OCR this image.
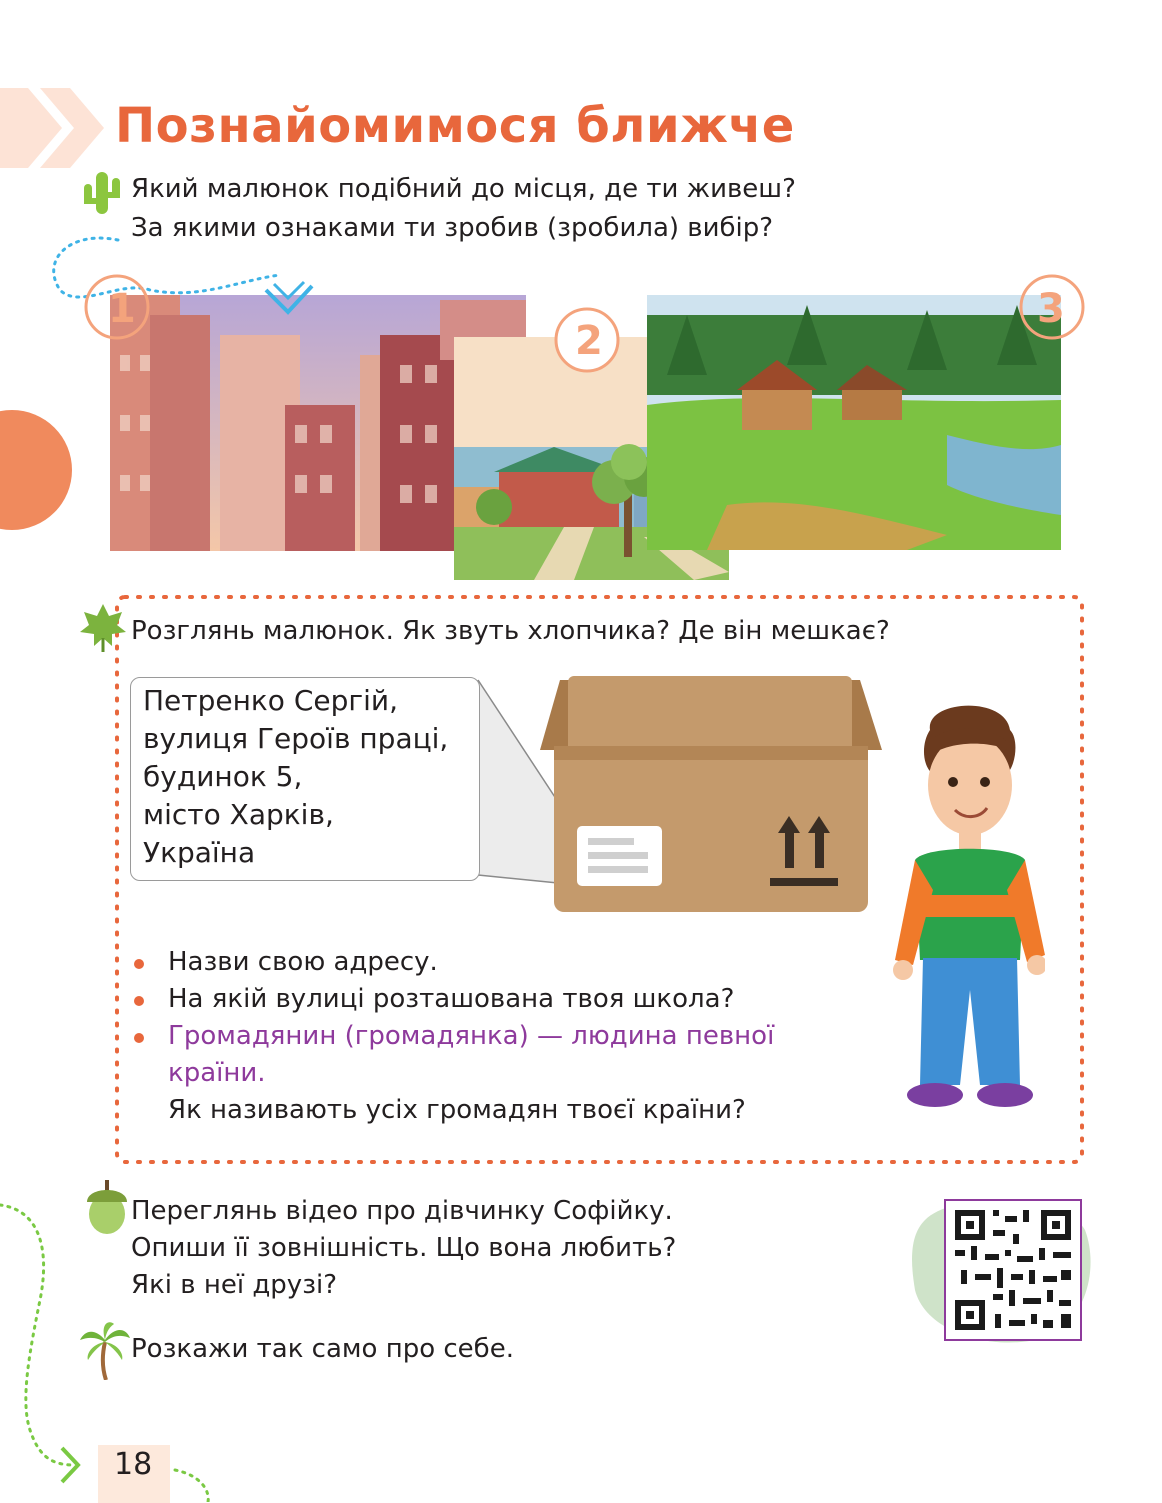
Познайомимося ближче
Який малюнок подібний до місця, де ти живеш?
За якими ознаками ти зробив (зробила) вибір?
1
2
3
Розглянь малюнок. Як звуть хлопчика? Де він мешкає?
Петренко Сергій,
вулиця Героїв праці,
будинок 5,
місто Харків,
Україна
Назви свою адресу.
На якій вулиці розташована твоя школа?
Громадянин (громадянка) — людина певної
країни.
Як називають усіх громадян твоєї країни?
Переглянь відео про дівчинку Софійку.
Опиши її зовнішність. Що вона любить?
Які в неї друзі?
Розкажи так само про себе.
18
